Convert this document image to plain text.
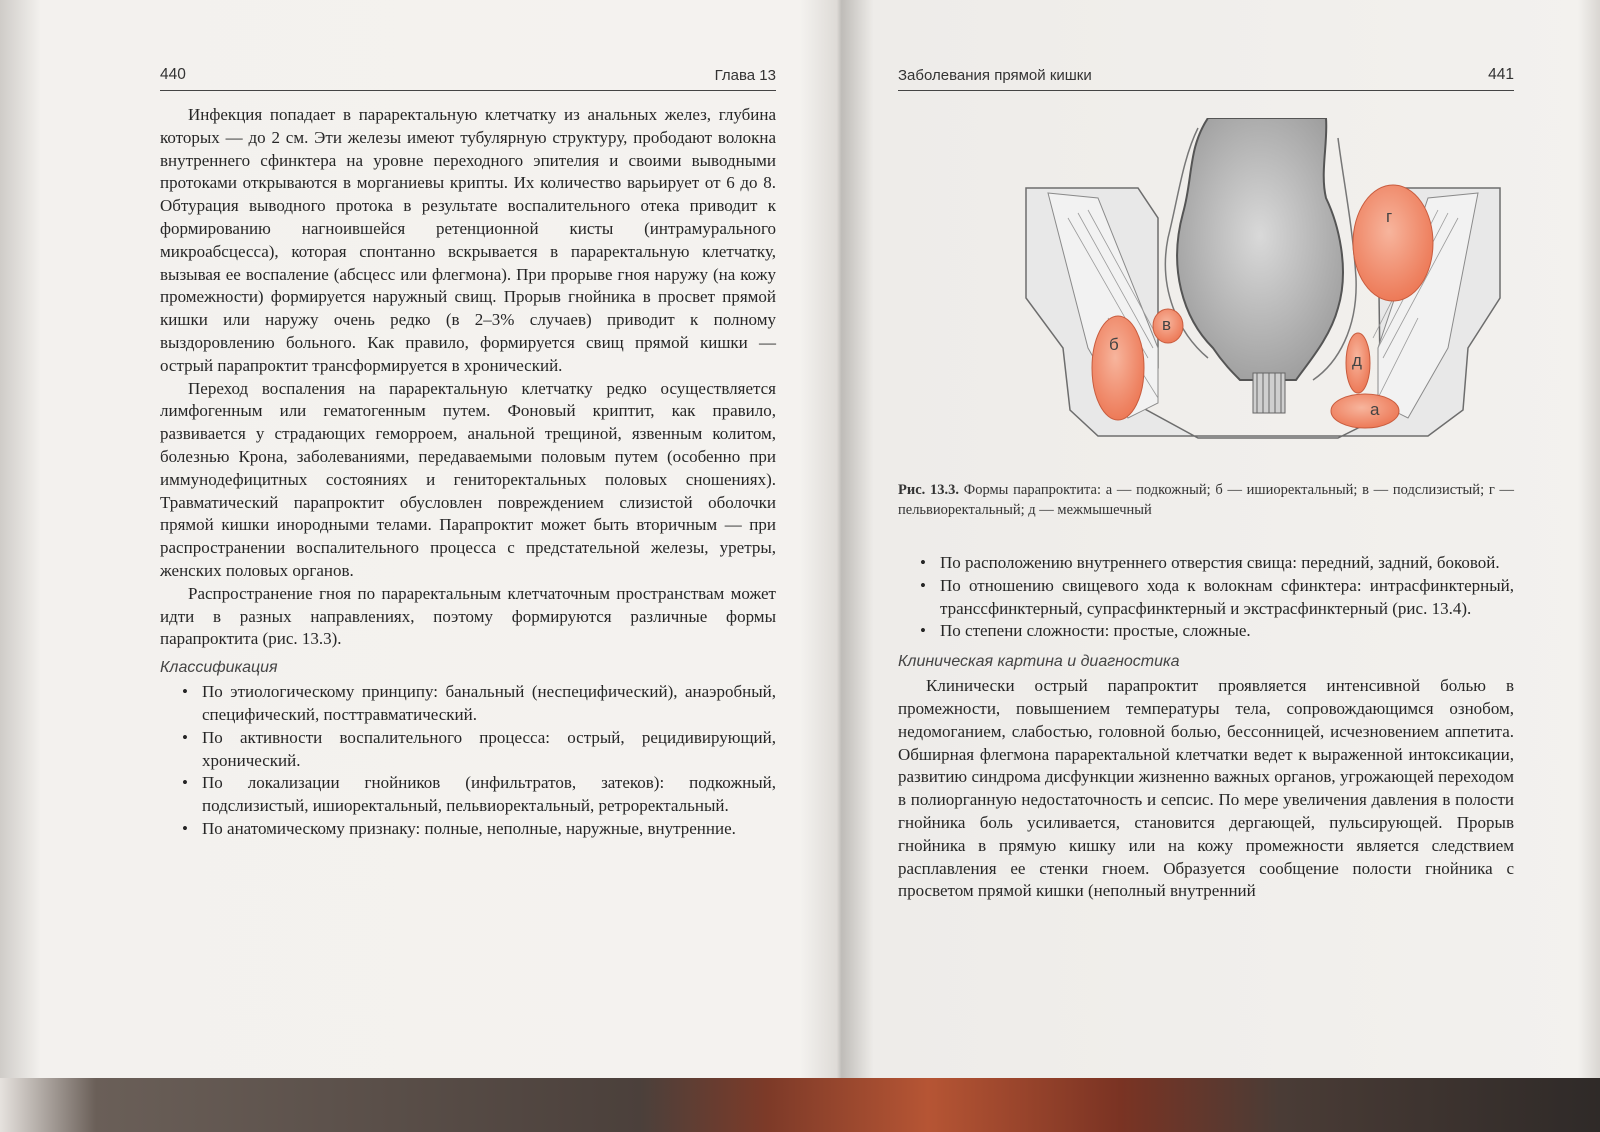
440	Глава 13

Инфекция попадает в параректальную клетчатку из анальных желез, глубина которых — до 2 см. Эти железы имеют тубулярную структуру, прободают волокна внутреннего сфинктера на уровне переходного эпителия и своими выводными протоками открываются в морганиевы крипты. Их количество варьирует от 6 до 8. Обтурация выводного протока в результате воспалительного отека приводит к формированию нагноившейся ретенционной кисты (интрамурального микроабсцесса), которая спонтанно вскрывается в параректальную клетчатку, вызывая ее воспаление (абсцесс или флегмона). При прорыве гноя наружу (на кожу промежности) формируется наружный свищ. Прорыв гнойника в просвет прямой кишки или наружу очень редко (в 2–3% случаев) приводит к полному выздоровлению больного. Как правило, формируется свищ прямой кишки — острый парапроктит трансформируется в хронический.

Переход воспаления на параректальную клетчатку редко осуществляется лимфогенным или гематогенным путем. Фоновый криптит, как правило, развивается у страдающих геморроем, анальной трещиной, язвенным колитом, болезнью Крона, заболеваниями, передаваемыми половым путем (особенно при иммунодефицитных состояниях и гениторектальных половых сношениях). Травматический парапроктит обусловлен повреждением слизистой оболочки прямой кишки инородными телами. Парапроктит может быть вторичным — при распространении воспалительного процесса с предстательной железы, уретры, женских половых органов.

Распространение гноя по параректальным клетчаточным пространствам может идти в разных направлениях, поэтому формируются различные формы парапроктита (рис. 13.3).

Классификация
• По этиологическому принципу: банальный (неспецифический), анаэробный, специфический, посттравматический.
• По активности воспалительного процесса: острый, рецидивирующий, хронический.
• По локализации гнойников (инфильтратов, затеков): подкожный, подслизистый, ишиоректальный, пельвиоректальный, ретроректальный.
• По анатомическому признаку: полные, неполные, наружные, внутренние.
Заболевания прямой кишки	441
г
б
в
д
а
Рис. 13.3. Формы парапроктита: а — подкожный; б — ишиоректальный; в — подслизистый; г — пельвиоректальный; д — межмышечный
• По расположению внутреннего отверстия свища: передний, задний, боковой.
• По отношению свищевого хода к волокнам сфинктера: интрасфинктерный, транссфинктерный, супрасфинктерный и экстрасфинктерный (рис. 13.4).
• По степени сложности: простые, сложные.
Клиническая картина и диагностика

Клинически острый парапроктит проявляется интенсивной болью в промежности, повышением температуры тела, сопровождающимся ознобом, недомоганием, слабостью, головной болью, бессонницей, исчезновением аппетита. Обширная флегмона параректальной клетчатки ведет к выраженной интоксикации, развитию синдрома дисфункции жизненно важных органов, угрожающей переходом в полиорганную недостаточность и сепсис. По мере увеличения давления в полости гнойника боль усиливается, становится дергающей, пульсирующей. Прорыв гнойника в прямую кишку или на кожу промежности является следствием расплавления ее стенки гноем. Образуется сообщение полости гнойника с просветом прямой кишки (неполный внутренний
